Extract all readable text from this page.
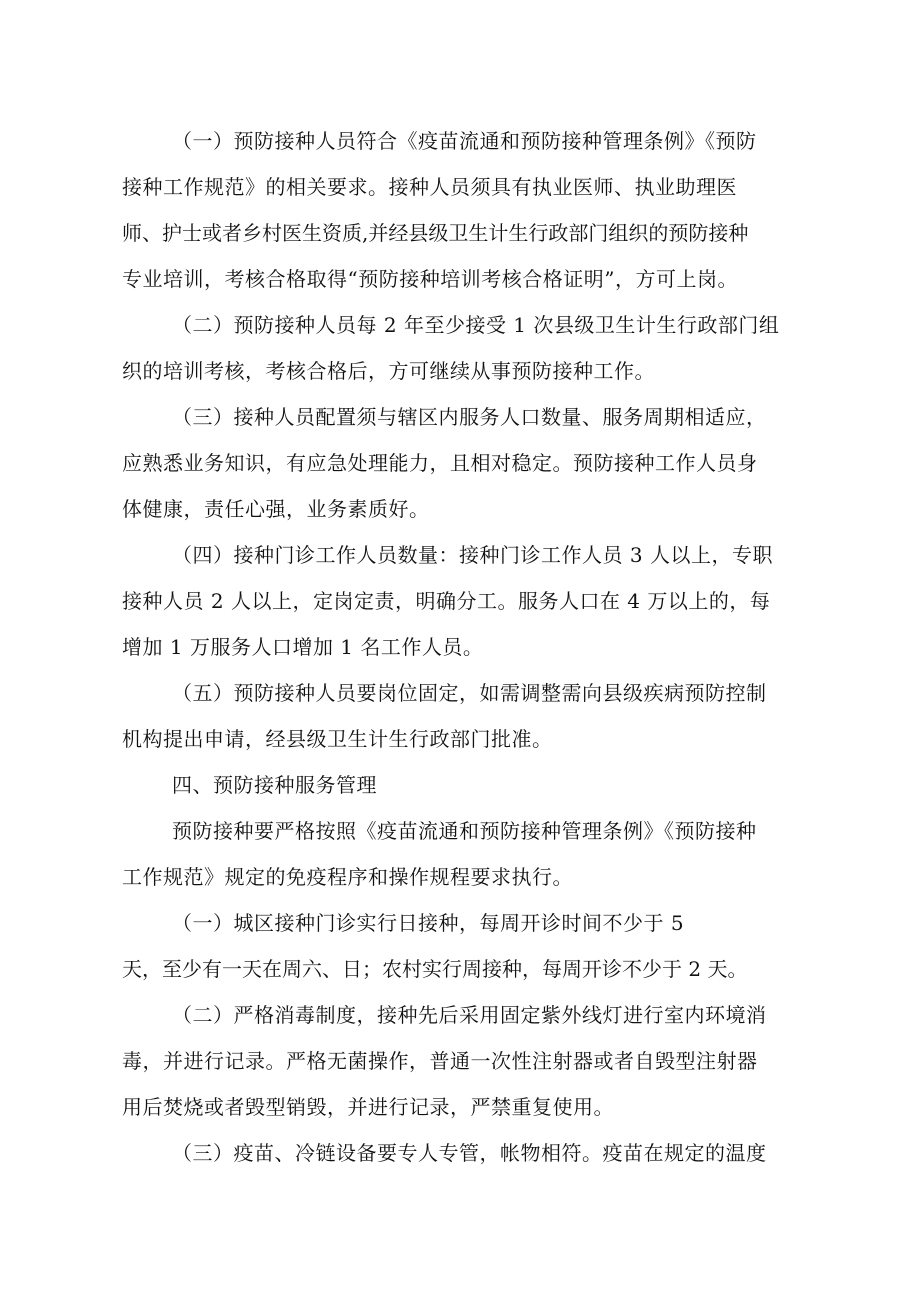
（一）预防接种人员符合《疫苗流通和预防接种管理条例》《预防
接种工作规范》的相关要求。接种人员须具有执业医师、执业助理医
师、护士或者乡村医生资质,并经县级卫生计生行政部门组织的预防接种
专业培训，考核合格取得“预防接种培训考核合格证明”，方可上岗。
（二）预防接种人员每 2 年至少接受 1 次县级卫生计生行政部门组
织的培训考核，考核合格后，方可继续从事预防接种工作。
（三）接种人员配置须与辖区内服务人口数量、服务周期相适应，
应熟悉业务知识，有应急处理能力，且相对稳定。预防接种工作人员身
体健康，责任心强，业务素质好。
（四）接种门诊工作人员数量：接种门诊工作人员 3 人以上，专职
接种人员 2 人以上，定岗定责，明确分工。服务人口在 4 万以上的，每
增加 1 万服务人口增加 1 名工作人员。
（五）预防接种人员要岗位固定，如需调整需向县级疾病预防控制
机构提出申请，经县级卫生计生行政部门批准。
四、预防接种服务管理
预防接种要严格按照《疫苗流通和预防接种管理条例》《预防接种
工作规范》规定的免疫程序和操作规程要求执行。
（一）城区接种门诊实行日接种，每周开诊时间不少于 5
天，至少有一天在周六、日；农村实行周接种，每周开诊不少于 2 天。
（二）严格消毒制度，接种先后采用固定紫外线灯进行室内环境消
毒，并进行记录。严格无菌操作，普通一次性注射器或者自毁型注射器
用后焚烧或者毁型销毁，并进行记录，严禁重复使用。
（三）疫苗、冷链设备要专人专管，帐物相符。疫苗在规定的温度
